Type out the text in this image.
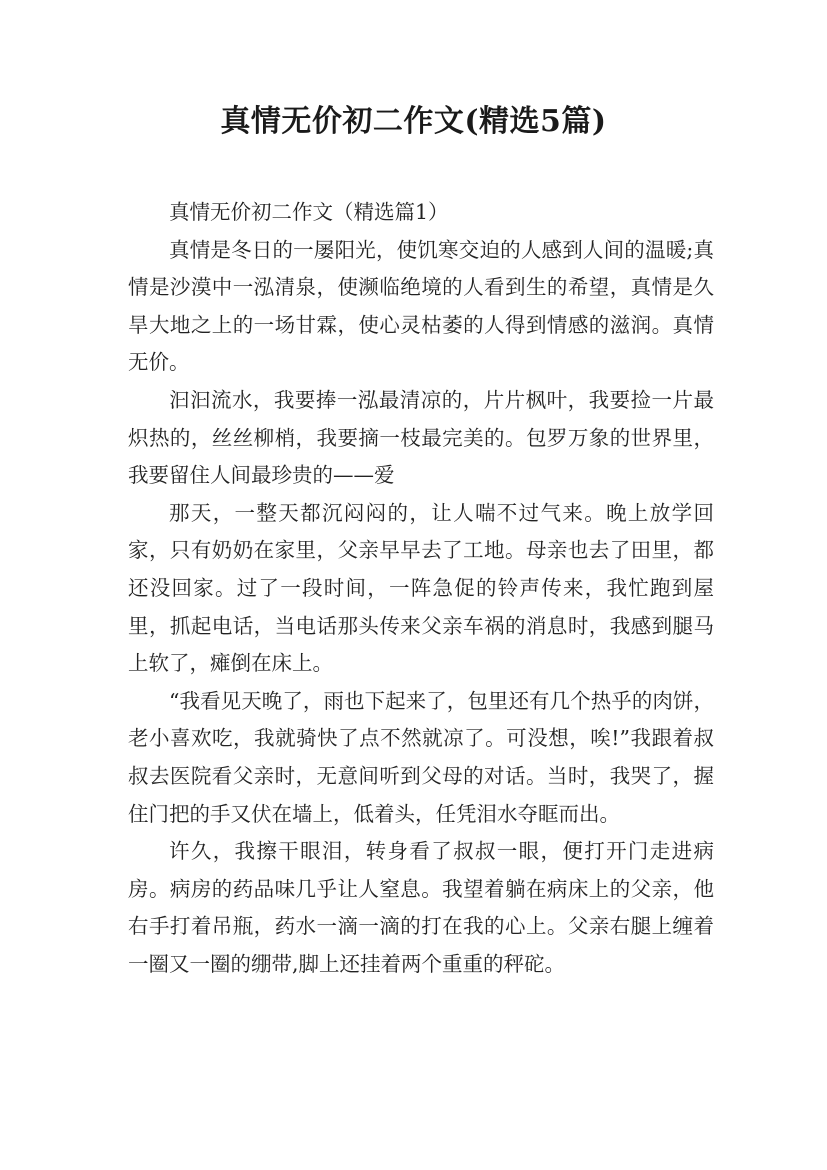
真情无价初二作文(精选5篇)

真情无价初二作文（精选篇1）

真情是冬日的一屡阳光，使饥寒交迫的人感到人间的温暖;真情是沙漠中一泓清泉，使濒临绝境的人看到生的希望，真情是久旱大地之上的一场甘霖，使心灵枯萎的人得到情感的滋润。真情无价。

汩汩流水，我要捧一泓最清凉的，片片枫叶，我要捡一片最炽热的，丝丝柳梢，我要摘一枝最完美的。包罗万象的世界里，我要留住人间最珍贵的——爱

那天，一整天都沉闷闷的，让人喘不过气来。晚上放学回家，只有奶奶在家里，父亲早早去了工地。母亲也去了田里，都还没回家。过了一段时间，一阵急促的铃声传来，我忙跑到屋里，抓起电话，当电话那头传来父亲车祸的消息时，我感到腿马上软了，瘫倒在床上。

“我看见天晚了，雨也下起来了，包里还有几个热乎的肉饼，老小喜欢吃，我就骑快了点不然就凉了。可没想，唉!”我跟着叔叔去医院看父亲时，无意间听到父母的对话。当时，我哭了，握住门把的手又伏在墙上，低着头，任凭泪水夺眶而出。

许久，我擦干眼泪，转身看了叔叔一眼，便打开门走进病房。病房的药品味几乎让人窒息。我望着躺在病床上的父亲，他右手打着吊瓶，药水一滴一滴的打在我的心上。父亲右腿上缠着一圈又一圈的绷带,脚上还挂着两个重重的秤砣。
